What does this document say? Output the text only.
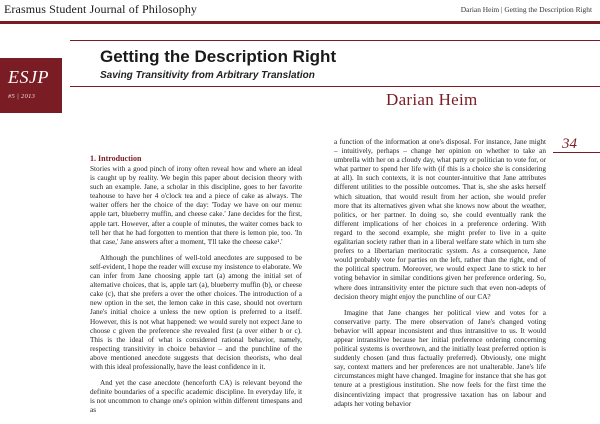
Erasmus Student Journal of Philosophy	Darian Heim | Getting the Description Right
ESJP
#5 | 2013
Getting the Description Right
Saving Transitivity from Arbitrary Translation
Darian Heim
34
1. Introduction

Stories with a good pinch of irony often reveal how and where an ideal is caught up by reality. We begin this paper about decision theory with such an example. Jane, a scholar in this discipline, goes to her favorite teahouse to have her 4 o'clock tea and a piece of cake as always. The waiter offers her the choice of the day: 'Today we have on our menu: apple tart, blueberry muffin, and cheese cake.' Jane decides for the first, apple tart. However, after a couple of minutes, the waiter comes back to tell her that he had forgotten to mention that there is lemon pie, too. 'In that case,' Jane answers after a moment, 'I'll take the cheese cake¹.'

Although the punchlines of well-told anecdotes are supposed to be self-evident, I hope the reader will excuse my insistence to elaborate. We can infer from Jane choosing apple tart (a) among the initial set of alternative choices, that is, apple tart (a), blueberry muffin (b), or cheese cake (c), that she prefers a over the other choices. The introduction of a new option in the set, the lemon cake in this case, should not overturn Jane's initial choice a unless the new option is preferred to a itself. However, this is not what happened: we would surely not expect Jane to choose c given the preference she revealed first (a over either b or c). This is the ideal of what is considered rational behavior, namely, respecting transitivity in choice behavior – and the punchline of the above mentioned anecdote suggests that decision theorists, who deal with this ideal professionally, have the least confidence in it.

And yet the case anecdote (henceforth CA) is relevant beyond the definite boundaries of a specific academic discipline. In everyday life, it is not uncommon to change one's opinion within different timespans and as

a function of the information at one's disposal. For instance, Jane might – intuitively, perhaps – change her opinion on whether to take an umbrella with her on a cloudy day, what party or politician to vote for, or what partner to spend her life with (if this is a choice she is considering at all). In such contexts, it is not counter-intuitive that Jane attributes different utilities to the possible outcomes. That is, she she asks herself which situation, that would result from her action, she would prefer more that its alternatives given what she knows now about the weather, politics, or her partner. In doing so, she could eventually rank the different implications of her choices in a preference ordering. With regard to the second example, she might prefer to live in a quite egalitarian society rather than in a liberal welfare state which in turn she prefers to a libertarian meritocratic system. As a consequence, Jane would probably vote for parties on the left, rather than the right, end of the political spectrum. Moreover, we would expect Jane to stick to her voting behavior in similar conditions given her preference ordering. So, where does intransitivity enter the picture such that even non-adepts of decision theory might enjoy the punchline of our CA?

Imagine that Jane changes her political view and votes for a conservative party. The mere observation of Jane's changed voting behavior will appear inconsistent and thus intransitive to us. It would appear intransitive because her initial preference ordering concerning political systems is overthrown, and the initially least preferred option is suddenly chosen (and thus factually preferred). Obviously, one might say, context matters and her preferences are not unalterable. Jane's life circumstances might have changed. Imagine for instance that she has got tenure at a prestigious institution. She now feels for the first time the disincentivizing impact that progressive taxation has on labour and adapts her voting behavior
